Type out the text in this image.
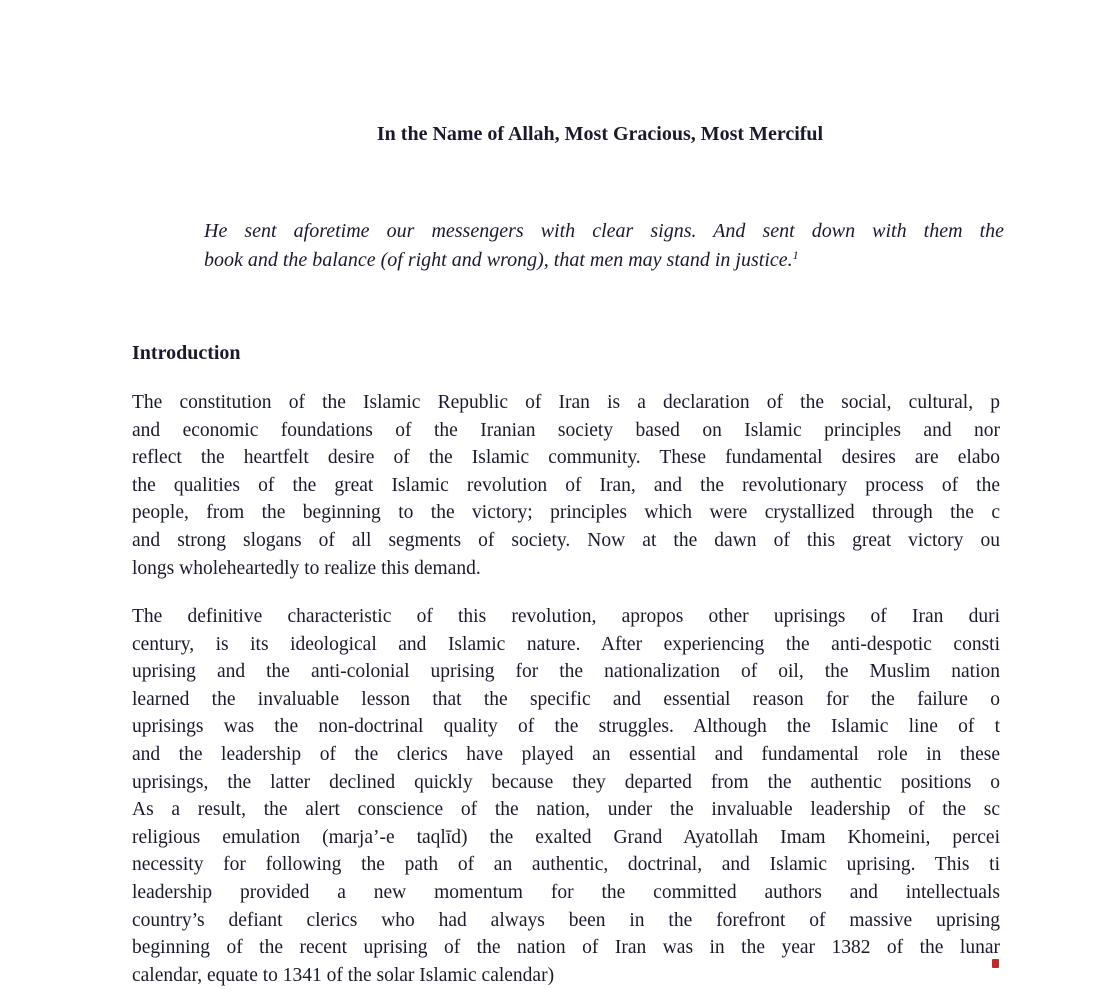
In the Name of Allah, Most Gracious, Most Merciful
He sent aforetime our messengers with clear signs. And sent down with them the
book and the balance (of right and wrong), that men may stand in justice.$^1$
Introduction
The constitution of the Islamic Republic of Iran is a declaration of the social, cultural, p
and economic foundations of the Iranian society based on Islamic principles and nor
reflect the heartfelt desire of the Islamic community. These fundamental desires are elabo
the qualities of the great Islamic revolution of Iran, and the revolutionary process of the
people, from the beginning to the victory; principles which were crystallized through the c
and strong slogans of all segments of society. Now at the dawn of this great victory ou
longs wholeheartedly to realize this demand.
The definitive characteristic of this revolution, apropos other uprisings of Iran duri
century, is its ideological and Islamic nature. After experiencing the anti-despotic consti
uprising and the anti-colonial uprising for the nationalization of oil, the Muslim nation
learned the invaluable lesson that the specific and essential reason for the failure o
uprisings was the non-doctrinal quality of the struggles. Although the Islamic line of t
and the leadership of the clerics have played an essential and fundamental role in these
uprisings, the latter declined quickly because they departed from the authentic positions o
As a result, the alert conscience of the nation, under the invaluable leadership of the sc
religious emulation (marja’-e taqlīd) the exalted Grand Ayatollah Imam Khomeini, percei
necessity for following the path of an authentic, doctrinal, and Islamic uprising. This ti
leadership provided a new momentum for the committed authors and intellectuals
country’s defiant clerics who had always been in the forefront of massive uprising
beginning of the recent uprising of the nation of Iran was in the year 1382 of the lunar
calendar, equate to 1341 of the solar Islamic calendar)
